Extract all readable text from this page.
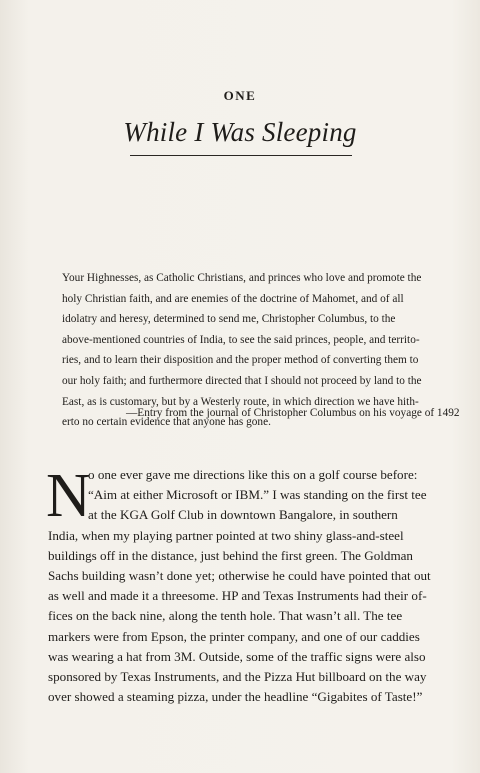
ONE
While I Was Sleeping
Your Highnesses, as Catholic Christians, and princes who love and promote the
holy Christian faith, and are enemies of the doctrine of Mahomet, and of all
idolatry and heresy, determined to send me, Christopher Columbus, to the
above-mentioned countries of India, to see the said princes, people, and territo-
ries, and to learn their disposition and the proper method of converting them to
our holy faith; and furthermore directed that I should not proceed by land to the
East, as is customary, but by a Westerly route, in which direction we have hith-
erto no certain evidence that anyone has gone.
—Entry from the journal of Christopher Columbus on his voyage of 1492
N
o one ever gave me directions like this on a golf course before:
“Aim at either Microsoft or IBM.” I was standing on the first tee
at the KGA Golf Club in downtown Bangalore, in southern
India, when my playing partner pointed at two shiny glass-and-steel
buildings off in the distance, just behind the first green. The Goldman
Sachs building wasn’t done yet; otherwise he could have pointed that out
as well and made it a threesome. HP and Texas Instruments had their of-
fices on the back nine, along the tenth hole. That wasn’t all. The tee
markers were from Epson, the printer company, and one of our caddies
was wearing a hat from 3M. Outside, some of the traffic signs were also
sponsored by Texas Instruments, and the Pizza Hut billboard on the way
over showed a steaming pizza, under the headline “Gigabites of Taste!”
